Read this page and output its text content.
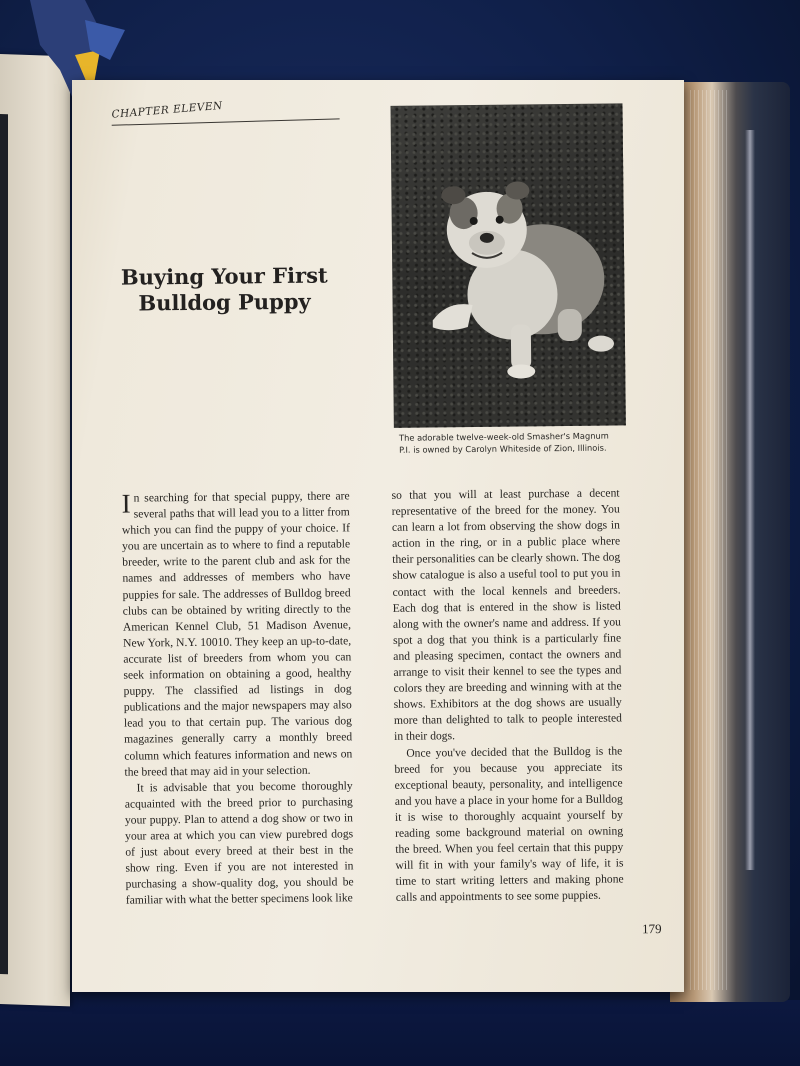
CHAPTER ELEVEN
Buying Your First
Bulldog Puppy
The adorable twelve-week-old Smasher's Magnum
P.I. is owned by Carolyn Whiteside of Zion, Illinois.

In searching for that special puppy, there are several paths that will lead you to a litter from which you can find the puppy of your choice. If you are uncertain as to where to find a reputable breeder, write to the parent club and ask for the names and addresses of members who have puppies for sale. The addresses of Bulldog breed clubs can be obtained by writing directly to the American Kennel Club, 51 Madison Avenue, New York, N.Y. 10010. They keep an up-to-date, accurate list of breeders from whom you can seek information on obtaining a good, healthy puppy. The classified ad listings in dog publications and the major newspapers may also lead you to that certain pup. The various dog magazines generally carry a monthly breed column which features information and news on the breed that may aid in your selection.

It is advisable that you become thoroughly acquainted with the breed prior to purchasing your puppy. Plan to attend a dog show or two in your area at which you can view purebred dogs of just about every breed at their best in the show ring. Even if you are not interested in purchasing a show-quality dog, you should be familiar with what the better specimens look like

so that you will at least purchase a decent representative of the breed for the money. You can learn a lot from observing the show dogs in action in the ring, or in a public place where their personalities can be clearly shown. The dog show catalogue is also a useful tool to put you in contact with the local kennels and breeders. Each dog that is entered in the show is listed along with the owner's name and address. If you spot a dog that you think is a particularly fine and pleasing specimen, contact the owners and arrange to visit their kennel to see the types and colors they are breeding and winning with at the shows. Exhibitors at the dog shows are usually more than delighted to talk to people interested in their dogs.

Once you've decided that the Bulldog is the breed for you because you appreciate its exceptional beauty, personality, and intelligence and you have a place in your home for a Bulldog it is wise to thoroughly acquaint yourself by reading some background material on owning the breed. When you feel certain that this puppy will fit in with your family's way of life, it is time to start writing letters and making phone calls and appointments to see some puppies.

179
